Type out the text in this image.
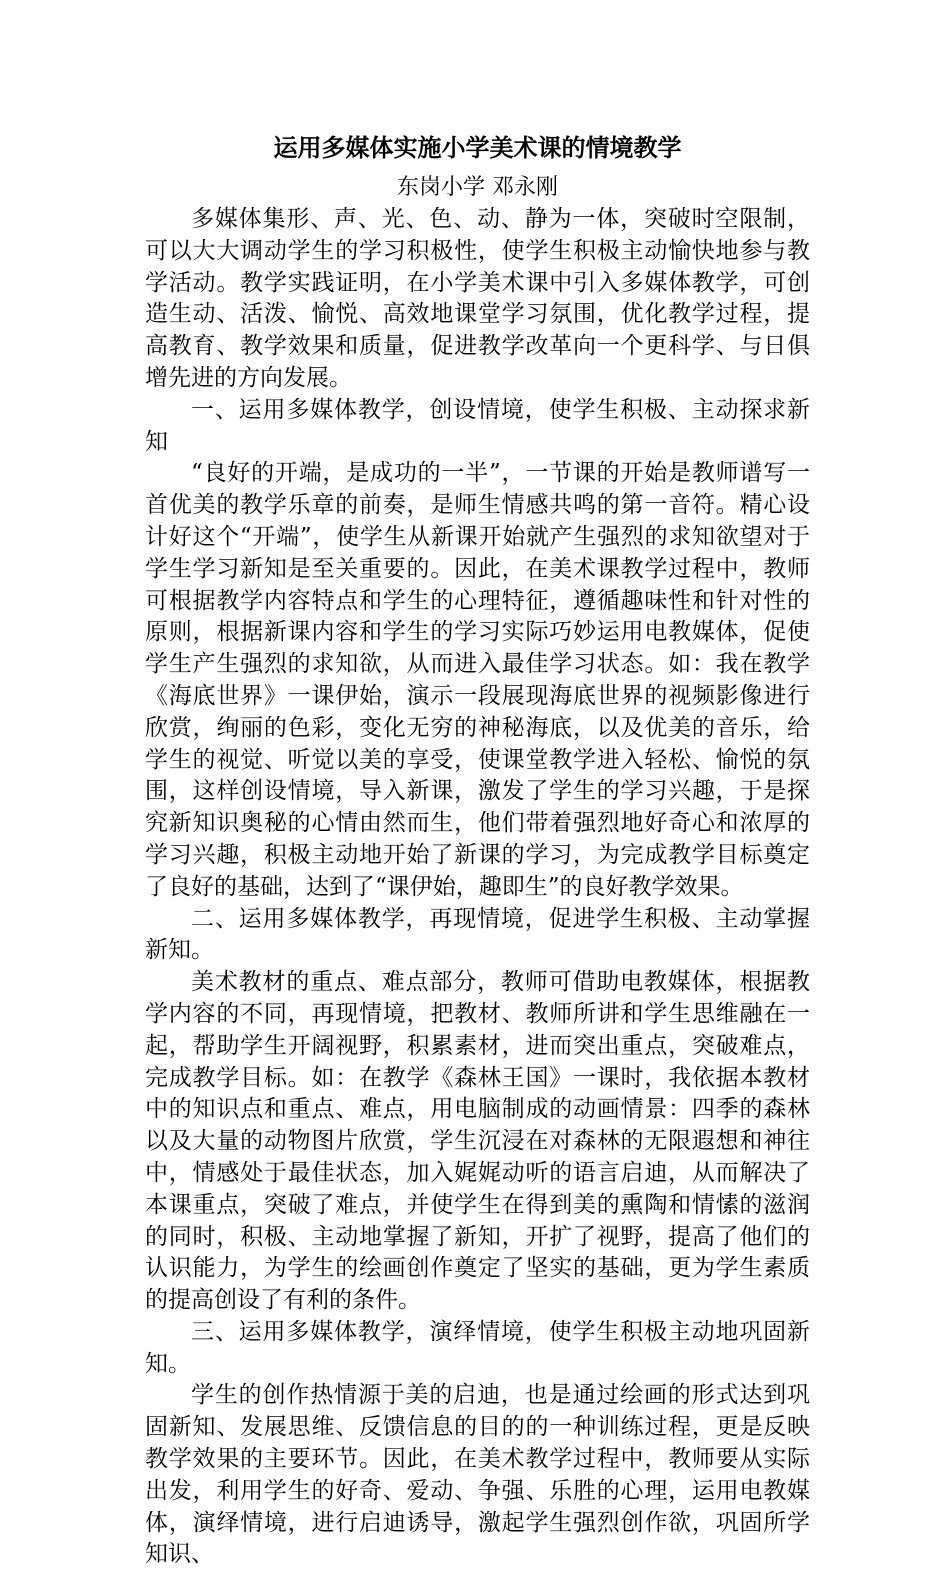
运用多媒体实施小学美术课的情境教学
东岗小学 邓永刚

多媒体集形、声、光、色、动、静为一体，突破时空限制，可以大大调动学生的学习积极性，使学生积极主动愉快地参与教学活动。教学实践证明，在小学美术课中引入多媒体教学，可创造生动、活泼、愉悦、高效地课堂学习氛围，优化教学过程，提高教育、教学效果和质量，促进教学改革向一个更科学、与日俱增先进的方向发展。

一、运用多媒体教学，创设情境，使学生积极、主动探求新知

“良好的开端，是成功的一半”，一节课的开始是教师谱写一首优美的教学乐章的前奏，是师生情感共鸣的第一音符。精心设计好这个“开端”，使学生从新课开始就产生强烈的求知欲望对于学生学习新知是至关重要的。因此，在美术课教学过程中，教师可根据教学内容特点和学生的心理特征，遵循趣味性和针对性的原则，根据新课内容和学生的学习实际巧妙运用电教媒体，促使学生产生强烈的求知欲，从而进入最佳学习状态。如：我在教学《海底世界》一课伊始，演示一段展现海底世界的视频影像进行欣赏，绚丽的色彩，变化无穷的神秘海底，以及优美的音乐，给学生的视觉、听觉以美的享受，使课堂教学进入轻松、愉悦的氛围，这样创设情境，导入新课，激发了学生的学习兴趣，于是探究新知识奥秘的心情由然而生，他们带着强烈地好奇心和浓厚的学习兴趣，积极主动地开始了新课的学习，为完成教学目标奠定了良好的基础，达到了“课伊始，趣即生”的良好教学效果。

二、运用多媒体教学，再现情境，促进学生积极、主动掌握新知。

美术教材的重点、难点部分，教师可借助电教媒体，根据教学内容的不同，再现情境，把教材、教师所讲和学生思维融在一起，帮助学生开阔视野，积累素材，进而突出重点，突破难点，完成教学目标。如：在教学《森林王国》一课时，我依据本教材中的知识点和重点、难点，用电脑制成的动画情景：四季的森林以及大量的动物图片欣赏，学生沉浸在对森林的无限遐想和神往中，情感处于最佳状态，加入娓娓动听的语言启迪，从而解决了本课重点，突破了难点，并使学生在得到美的熏陶和情愫的滋润的同时，积极、主动地掌握了新知，开扩了视野，提高了他们的认识能力，为学生的绘画创作奠定了坚实的基础，更为学生素质的提高创设了有利的条件。

三、运用多媒体教学，演绎情境，使学生积极主动地巩固新知。

学生的创作热情源于美的启迪，也是通过绘画的形式达到巩固新知、发展思维、反馈信息的目的的一种训练过程，更是反映教学效果的主要环节。因此，在美术教学过程中，教师要从实际出发，利用学生的好奇、爱动、争强、乐胜的心理，运用电教媒体，演绎情境，进行启迪诱导，激起学生强烈创作欲，巩固所学知识、
